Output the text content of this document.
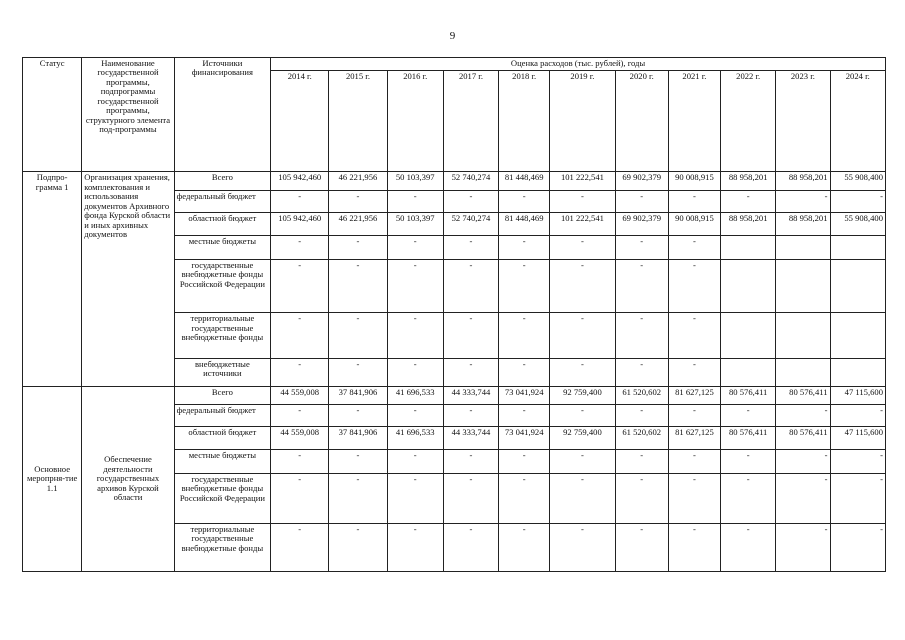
9
Статус	Наименование государственной программы, подпрограммы государственной программы, структурного элемента под-программы	Источники финансирования	Оценка расходов (тыс. рублей), годы										
			2014 г.	2015 г.	2016 г.	2017 г.	2018 г.	2019 г.	2020 г.	2021 г.	2022 г.	2023 г.	2024 г.
Подпро-грамма 1	Организация хранения, комплектования и использования документов Архивного фонда Курской области и иных архивных документов	Всего	105 942,460	46 221,956	50 103,397	52 740,274	81 448,469	101 222,541	69 902,379	90 008,915	88 958,201	88 958,201	55 908,400
		федеральный бюджет	-	-	-	-	-	-	-	-	-	-	-
		областной бюджет	105 942,460	46 221,956	50 103,397	52 740,274	81 448,469	101 222,541	69 902,379	90 008,915	88 958,201	88 958,201	55 908,400
		местные бюджеты	-	-	-	-	-	-	-	-			
		государственные внебюджетные фонды Российской Федерации	-	-	-	-	-	-	-	-			
		территориальные государственные внебюджетные фонды	-	-	-	-	-	-	-	-			
		внебюджетные источники	-	-	-	-	-	-	-	-			
Основное меропрня-тие 1.1	Обеспечение деятельности государственных архивов Курской области	Всего	44 559,008	37 841,906	41 696,533	44 333,744	73 041,924	92 759,400	61 520,602	81 627,125	80 576,411	80 576,411	47 115,600
		федеральный бюджет	-	-	-	-	-	-	-	-	-	-	-
		областной бюджет	44 559,008	37 841,906	41 696,533	44 333,744	73 041,924	92 759,400	61 520,602	81 627,125	80 576,411	80 576,411	47 115,600
		местные бюджеты	-	-	-	-	-	-	-	-	-	-	-
		государственные внебюджетные фонды Российской Федерации	-	-	-	-	-	-	-	-	-	-	-
		территориальные государственные внебюджетные фонды	-	-	-	-	-	-	-	-	-	-	-
